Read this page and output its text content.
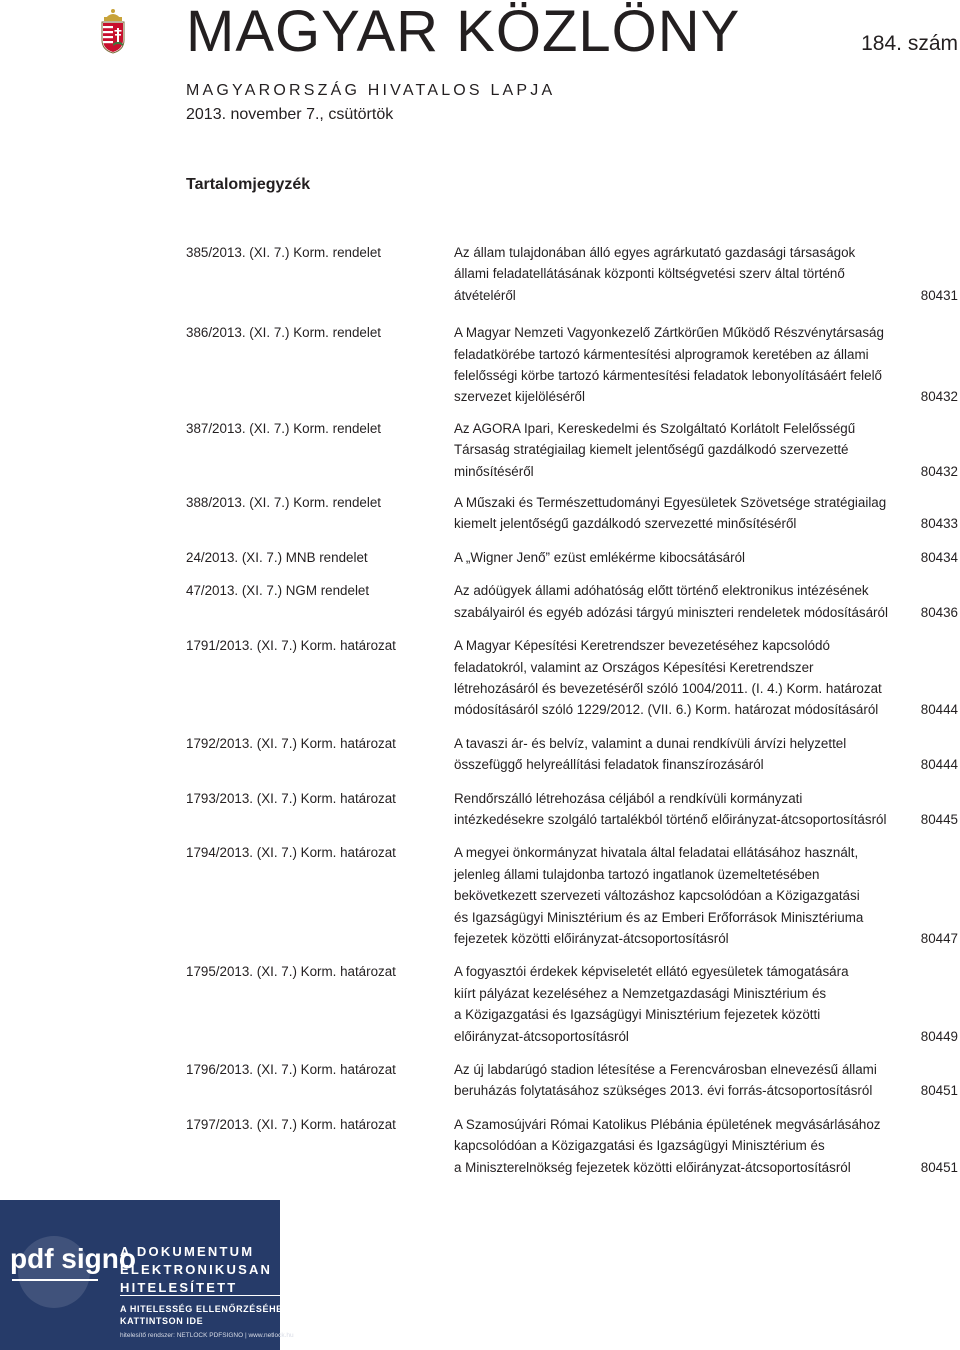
MAGYAR KÖZLÖNY	184. szám
MAGYARORSZÁG HIVATALOS LAPJA
2013. november 7., csütörtök
Tartalomjegyzék
385/2013. (XI. 7.) Korm. rendelet	Az állam tulajdonában álló egyes agrárkutató gazdasági társaságok
állami feladatellátásának központi költségvetési szerv által történő
átvételéről	80431
386/2013. (XI. 7.) Korm. rendelet	A Magyar Nemzeti Vagyonkezelő Zártkörűen Működő Részvénytársaság
feladatkörébe tartozó kármentesítési alprogramok keretében az állami
felelősségi körbe tartozó kármentesítési feladatok lebonyolításáért felelő
szervezet kijelöléséről	80432
387/2013. (XI. 7.) Korm. rendelet	Az AGORA Ipari, Kereskedelmi és Szolgáltató Korlátolt Felelősségű
Társaság stratégiailag kiemelt jelentőségű gazdálkodó szervezetté
minősítéséről	80432
388/2013. (XI. 7.) Korm. rendelet	A Műszaki és Természettudományi Egyesületek Szövetsége stratégiailag
kiemelt jelentőségű gazdálkodó szervezetté minősítéséről	80433
24/2013. (XI. 7.) MNB rendelet	A „Wigner Jenő” ezüst emlékérme kibocsátásáról	80434
47/2013. (XI. 7.) NGM rendelet	Az adóügyek állami adóhatóság előtt történő elektronikus intézésének
szabályairól és egyéb adózási tárgyú miniszteri rendeletek módosításáról	80436
1791/2013. (XI. 7.) Korm. határozat	A Magyar Képesítési Keretrendszer bevezetéséhez kapcsolódó
feladatokról, valamint az Országos Képesítési Keretrendszer
létrehozásáról és bevezetéséről szóló 1004/2011. (I. 4.) Korm. határozat
módosításáról szóló 1229/2012. (VII. 6.) Korm. határozat módosításáról	80444
1792/2013. (XI. 7.) Korm. határozat	A tavaszi ár- és belvíz, valamint a dunai rendkívüli árvízi helyzettel
összefüggő helyreállítási feladatok finanszírozásáról	80444
1793/2013. (XI. 7.) Korm. határozat	Rendőrszálló létrehozása céljából a rendkívüli kormányzati
intézkedésekre szolgáló tartalékból történő előirányzat-átcsoportosításról	80445
1794/2013. (XI. 7.) Korm. határozat	A megyei önkormányzat hivatala által feladatai ellátásához használt,
jelenleg állami tulajdonba tartozó ingatlanok üzemeltetésében
bekövetkezett szervezeti változáshoz kapcsolódóan a Közigazgatási
és Igazságügyi Minisztérium és az Emberi Erőforrások Minisztériuma
fejezetek közötti előirányzat-átcsoportosításról	80447
1795/2013. (XI. 7.) Korm. határozat	A fogyasztói érdekek képviseletét ellátó egyesületek támogatására
kiírt pályázat kezeléséhez a Nemzetgazdasági Minisztérium és
a Közigazgatási és Igazságügyi Minisztérium fejezetek közötti
előirányzat-átcsoportosításról	80449
1796/2013. (XI. 7.) Korm. határozat	Az új labdarúgó stadion létesítése a Ferencvárosban elnevezésű állami
beruházás folytatásához szükséges 2013. évi forrás-átcsoportosításról	80451
1797/2013. (XI. 7.) Korm. határozat	A Szamosújvári Római Katolikus Plébánia épületének megvásárlásához
kapcsolódóan a Közigazgatási és Igazságügyi Minisztérium és
a Miniszterelnökség fejezetek közötti előirányzat-átcsoportosításról	80451
pdf signo
A DOKUMENTUM
ELEKTRONIKUSAN
HITELESÍTETT
A HITELESSÉG ELLENŐRZÉSÉHEZ
KATTINTSON IDE
hitelesítő rendszer: NETLOCK PDFSIGNO | www.netlock.hu
